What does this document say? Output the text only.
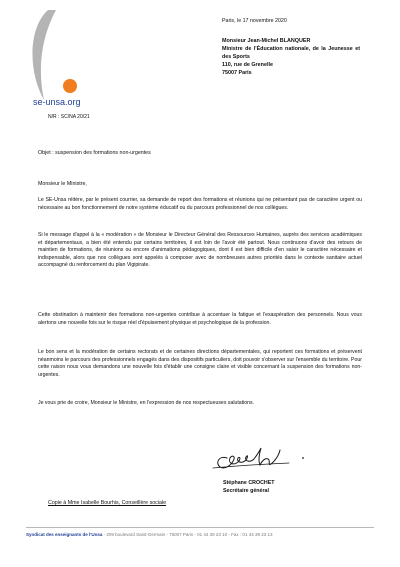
se-unsa.org
N/R : SC/NA 20/21
Paris, le 17 novembre 2020
Monsieur Jean-Michel BLANQUER
Ministre de l'Éducation nationale, de la Jeunesse et des Sports
110, rue de Grenelle
75007 Paris
Objet : suspension des formations non-urgentes
Monsieur le Ministre,
Le SE-Unsa réitère, par le présent courrier, sa demande de report des formations et réunions qui ne présentant pas de caractère urgent ou nécessaire au bon fonctionnement de notre système éducatif ou du parcours professionnel de nos collègues.
Si le message d'appel à la « modération » de Monsieur le Directeur Général des Ressources Humaines, auprès des services académiques et départementaux, a bien été entendu par certains territoires, il est loin de l'avoir été partout. Nous continuons d'avoir des retours de maintien de formations, de réunions ou encore d'animations pédagogiques, dont il est bien difficile d'en saisir le caractère nécessaire et indispensable, alors que nos collègues sont appelés à composer avec de nombreuses autres priorités dans le contexte sanitaire actuel accompagné du renforcement du plan Vigipirate.
Cette obstination à maintenir des formations non-urgentes contribue à accentuer la fatigue et l'exaspération des personnels. Nous vous alertons une nouvelle fois sur le risque réel d'épuisement physique et psychologique de la profession.
Le bon sens et la modération de certains rectorats et de certaines directions départementales, qui reportent ces formations et préservent néanmoins le parcours des professionnels engagés dans des dispositifs particuliers, doit pouvoir s'observer sur l'ensemble du territoire. Pour cette raison nous vous demandons une nouvelle fois d'établir une consigne claire et visible concernant la suspension des formations non-urgentes.
Je vous prie de croire, Monsieur le Ministre, en l'expression de nos respectueuses salutations.
Stéphane CROCHET
Secrétaire général
Copie à Mme Isabelle Bourhis, Conseillère sociale
Syndicat des enseignants de l'Unsa - 209 boulevard Saint-Germain - 75007 Paris - 01 44 39 23 10 - Fax : 01 44 39 23 13
